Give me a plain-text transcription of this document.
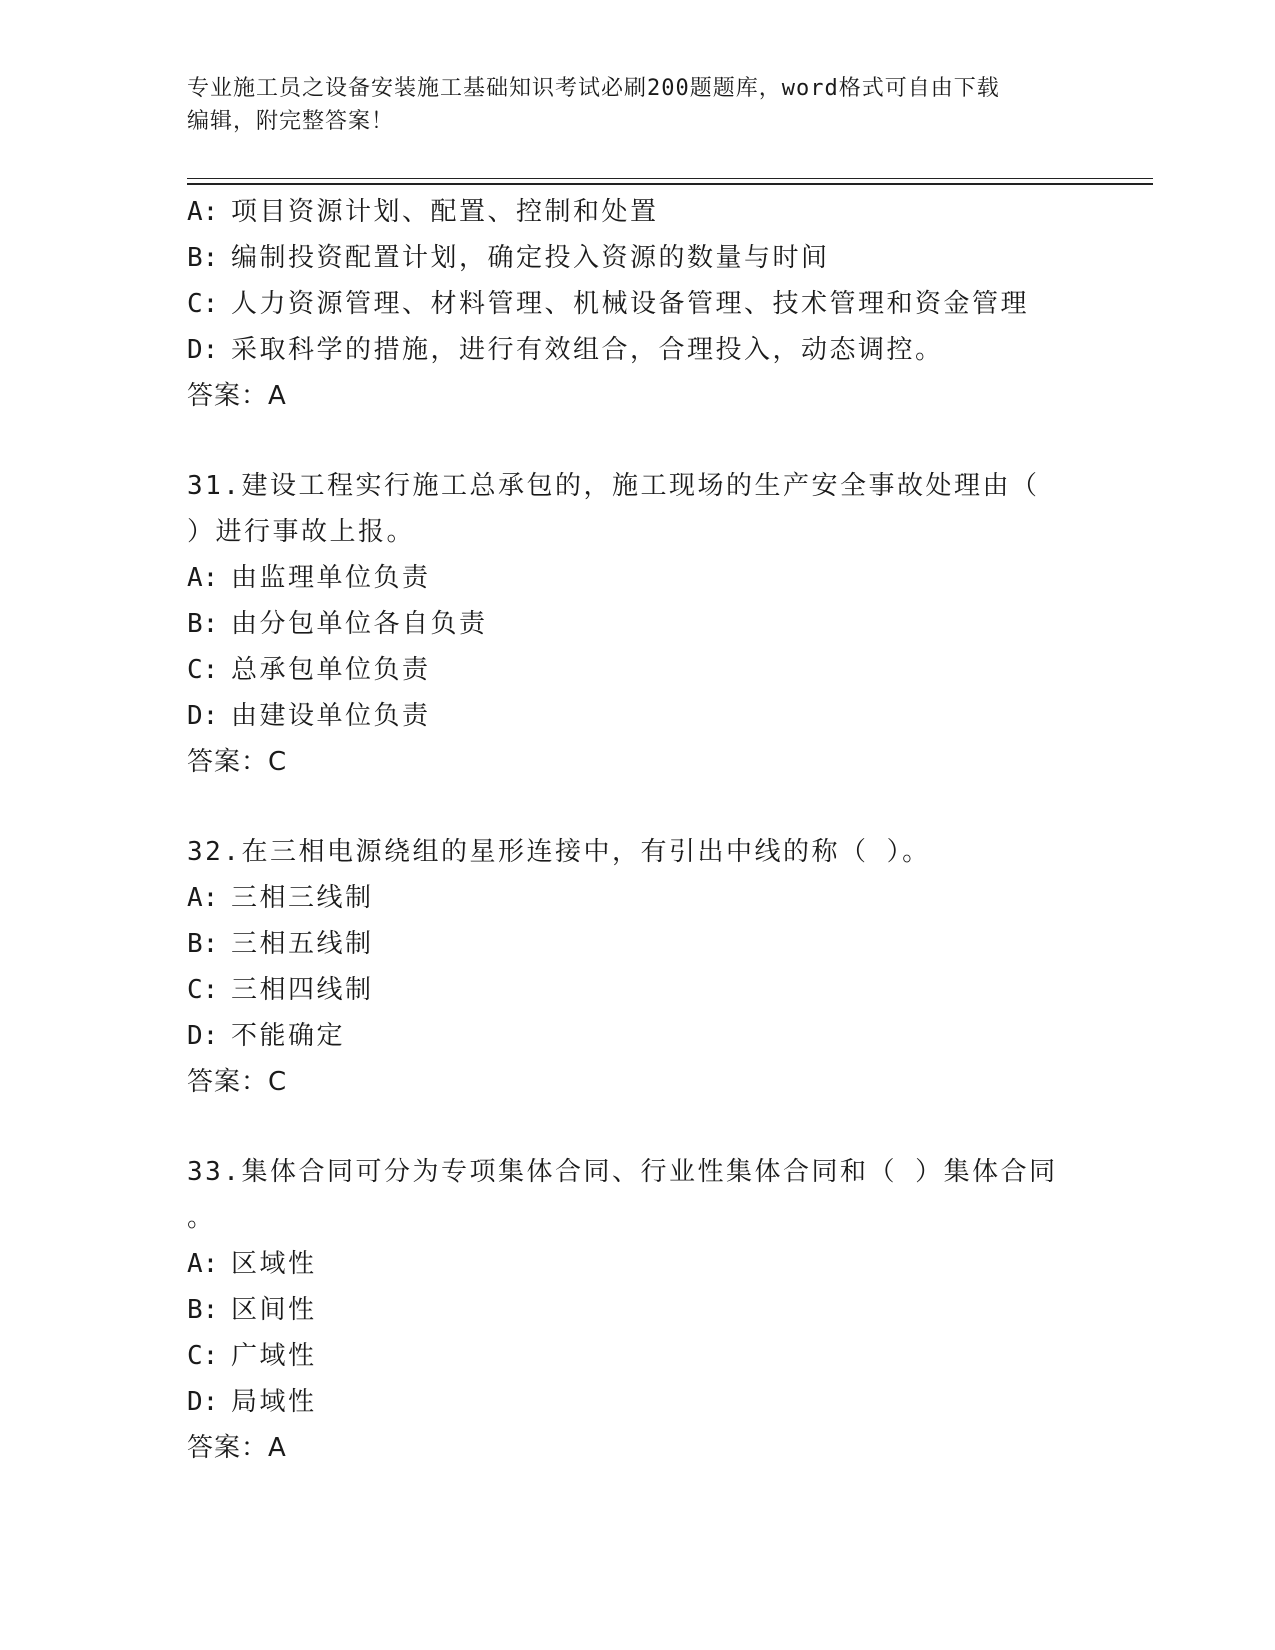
专业施工员之设备安装施工基础知识考试必刷200题题库，word格式可自由下载
编辑，附完整答案！
A: 项目资源计划、配置、控制和处置
B: 编制投资配置计划，确定投入资源的数量与时间
C: 人力资源管理、材料管理、机械设备管理、技术管理和资金管理
D: 采取科学的措施，进行有效组合，合理投入，动态调控。
答案：A
31.建设工程实行施工总承包的，施工现场的生产安全事故处理由（
）进行事故上报。
A: 由监理单位负责
B: 由分包单位各自负责
C: 总承包单位负责
D: 由建设单位负责
答案：C
32.在三相电源绕组的星形连接中，有引出中线的称（ ）。
A: 三相三线制
B: 三相五线制
C: 三相四线制
D: 不能确定
答案：C
33.集体合同可分为专项集体合同、行业性集体合同和（ ）集体合同
。
A: 区域性
B: 区间性
C: 广域性
D: 局域性
答案：A
